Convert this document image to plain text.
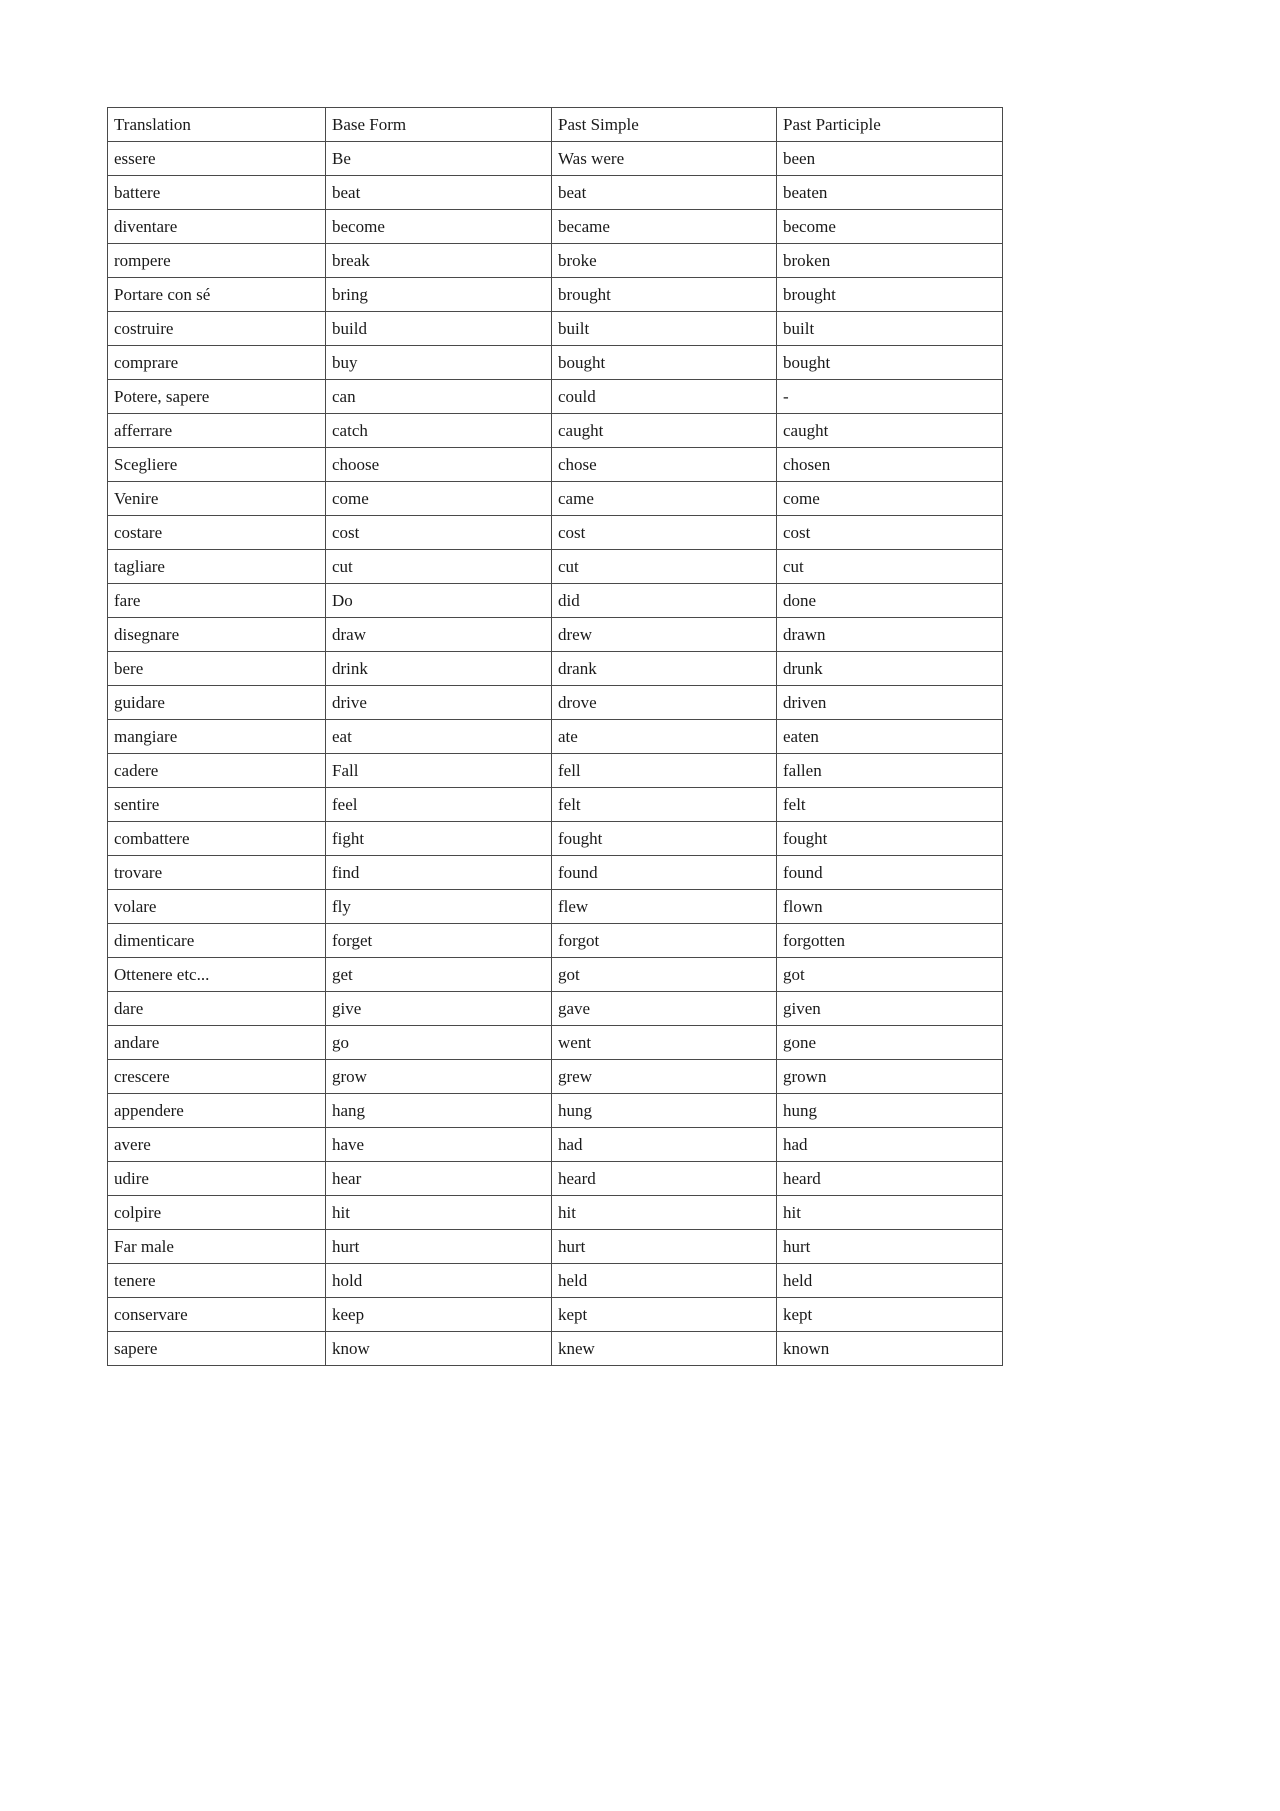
Translation	Base Form	Past Simple	Past Participle
essere	Be	Was were	been
battere	beat	beat	beaten
diventare	become	became	become
rompere	break	broke	broken
Portare con sé	bring	brought	brought
costruire	build	built	built
comprare	buy	bought	bought
Potere, sapere	can	could	-
afferrare	catch	caught	caught
Scegliere	choose	chose	chosen
Venire	come	came	come
costare	cost	cost	cost
tagliare	cut	cut	cut
fare	Do	did	done
disegnare	draw	drew	drawn
bere	drink	drank	drunk
guidare	drive	drove	driven
mangiare	eat	ate	eaten
cadere	Fall	fell	fallen
sentire	feel	felt	felt
combattere	fight	fought	fought
trovare	find	found	found
volare	fly	flew	flown
dimenticare	forget	forgot	forgotten
Ottenere etc...	get	got	got
dare	give	gave	given
andare	go	went	gone
crescere	grow	grew	grown
appendere	hang	hung	hung
avere	have	had	had
udire	hear	heard	heard
colpire	hit	hit	hit
Far male	hurt	hurt	hurt
tenere	hold	held	held
conservare	keep	kept	kept
sapere	know	knew	known
